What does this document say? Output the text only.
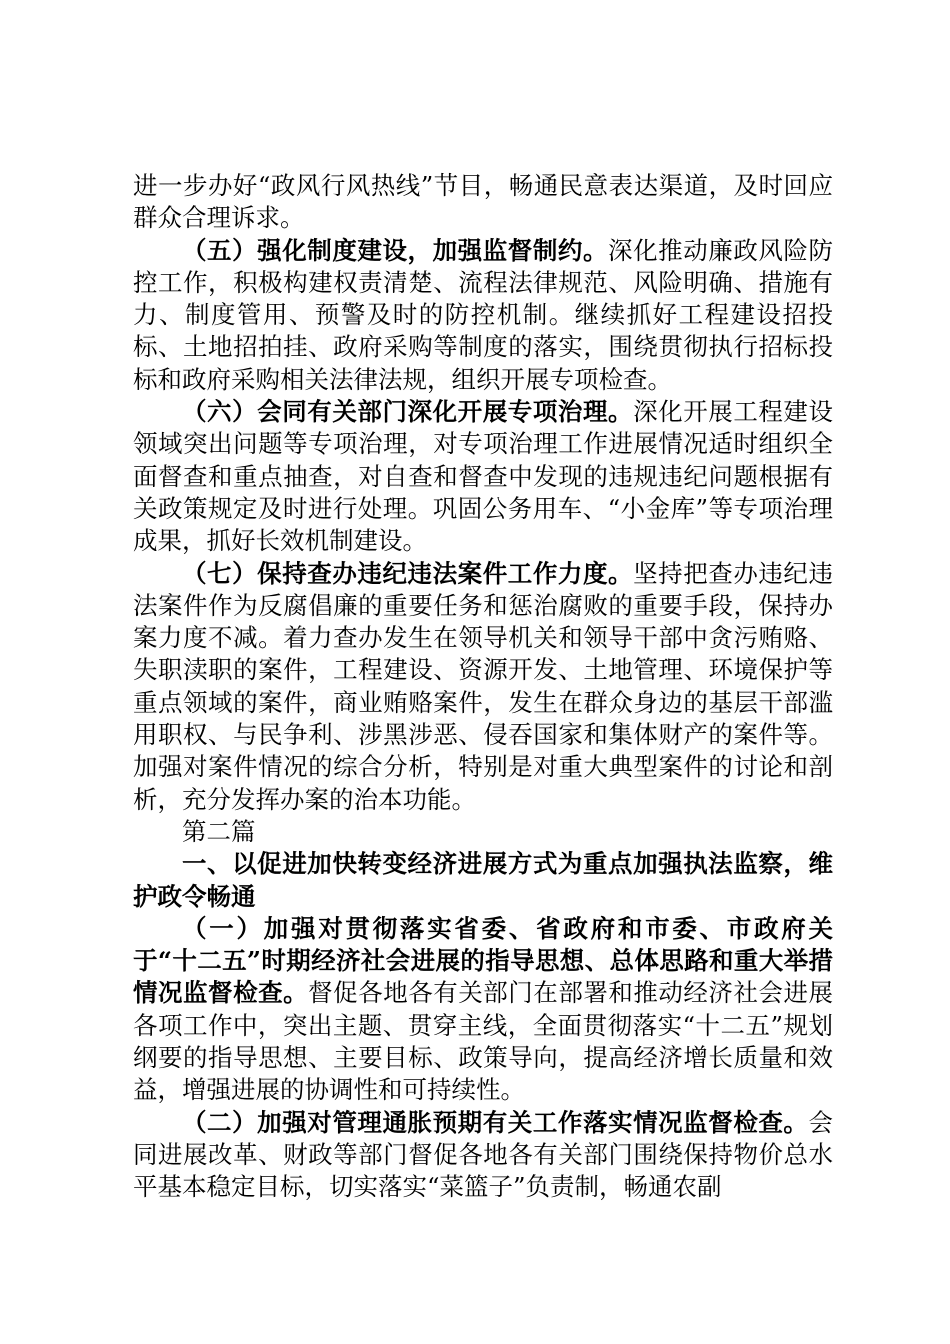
进一步办好“政风行风热线”节目，畅通民意表达渠道，及时回应群众合理诉求。

（五）强化制度建设，加强监督制约。深化推动廉政风险防控工作，积极构建权责清楚、流程法律规范、风险明确、措施有力、制度管用、预警及时的防控机制。继续抓好工程建设招投标、土地招拍挂、政府采购等制度的落实，围绕贯彻执行招标投标和政府采购相关法律法规，组织开展专项检查。

（六）会同有关部门深化开展专项治理。深化开展工程建设领域突出问题等专项治理，对专项治理工作进展情况适时组织全面督查和重点抽查，对自查和督查中发现的违规违纪问题根据有关政策规定及时进行处理。巩固公务用车、“小金库”等专项治理成果，抓好长效机制建设。

（七）保持查办违纪违法案件工作力度。坚持把查办违纪违法案件作为反腐倡廉的重要任务和惩治腐败的重要手段，保持办案力度不减。着力查办发生在领导机关和领导干部中贪污贿赂、失职渎职的案件，工程建设、资源开发、土地管理、环境保护等重点领域的案件，商业贿赂案件，发生在群众身边的基层干部滥用职权、与民争利、涉黑涉恶、侵吞国家和集体财产的案件等。加强对案件情况的综合分析，特别是对重大典型案件的讨论和剖析，充分发挥办案的治本功能。

第二篇

一、以促进加快转变经济进展方式为重点加强执法监察，维护政令畅通

（一）加强对贯彻落实省委、省政府和市委、市政府关于“十二五”时期经济社会进展的指导思想、总体思路和重大举措情况监督检查。督促各地各有关部门在部署和推动经济社会进展各项工作中，突出主题、贯穿主线，全面贯彻落实“十二五”规划纲要的指导思想、主要目标、政策导向，提高经济增长质量和效益，增强进展的协调性和可持续性。

（二）加强对管理通胀预期有关工作落实情况监督检查。会同进展改革、财政等部门督促各地各有关部门围绕保持物价总水平基本稳定目标，切实落实“菜篮子”负责制，畅通农副
